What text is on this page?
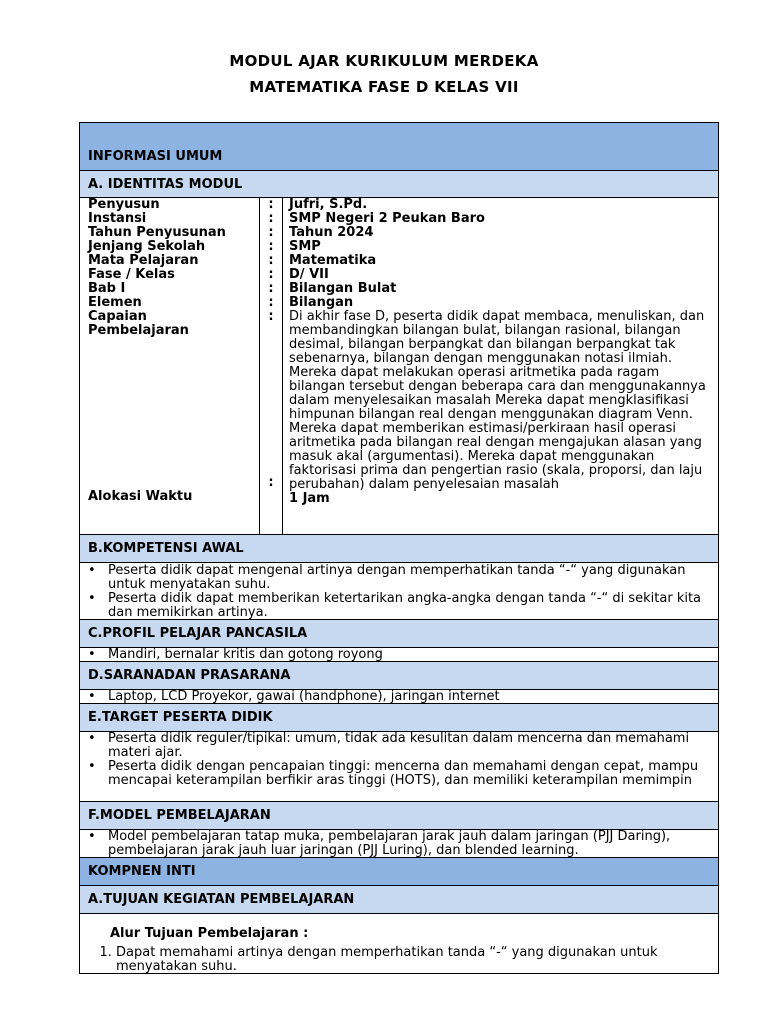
MODUL AJAR KURIKULUM MERDEKA
MATEMATIKA FASE D KELAS VII
INFORMASI UMUM
A. IDENTITAS MODUL
Penyusun
Instansi
Tahun Penyusunan
Jenjang Sekolah
Mata Pelajaran
Fase / Kelas
Bab I
Elemen
Capaian
Pembelajaran
Alokasi Waktu
:
:
:
:
:
:
:
:
:
:
Jufri, S.Pd.
SMP Negeri 2 Peukan Baro
Tahun 2024
SMP
Matematika
D/ VII
Bilangan Bulat
Bilangan
Di akhir fase D, peserta didik dapat membaca, menuliskan, dan membandingkan bilangan bulat, bilangan rasional, bilangan desimal, bilangan berpangkat dan bilangan berpangkat tak sebenarnya, bilangan dengan menggunakan notasi ilmiah. Mereka dapat melakukan operasi aritmetika pada ragam bilangan tersebut dengan beberapa cara dan menggunakannya dalam menyelesaikan masalah Mereka dapat mengklasifikasi himpunan bilangan real dengan menggunakan diagram Venn. Mereka dapat memberikan estimasi/perkiraan hasil operasi aritmetika pada bilangan real dengan mengajukan alasan yang masuk akal (argumentasi). Mereka dapat menggunakan faktorisasi prima dan pengertian rasio (skala, proporsi, dan laju perubahan) dalam penyelesaian masalah
1 Jam
B.KOMPETENSI AWAL
• Peserta didik dapat mengenal artinya dengan memperhatikan tanda “-“ yang digunakan untuk menyatakan suhu.
• Peserta didik dapat memberikan ketertarikan angka-angka dengan tanda “-“ di sekitar kita dan memikirkan artinya.
C.PROFIL PELAJAR PANCASILA
• Mandiri, bernalar kritis dan gotong royong
D.SARANADAN PRASARANA
• Laptop, LCD Proyekor, gawai (handphone), jaringan internet
E.TARGET PESERTA DIDIK
• Peserta didik reguler/tipikal: umum, tidak ada kesulitan dalam mencerna dan memahami materi ajar.
• Peserta didik dengan pencapaian tinggi: mencerna dan memahami dengan cepat, mampu mencapai keterampilan berfikir aras tinggi (HOTS), dan memiliki keterampilan memimpin
F.MODEL PEMBELAJARAN
• Model pembelajaran tatap muka, pembelajaran jarak jauh dalam jaringan (PJJ Daring), pembelajaran jarak jauh luar jaringan (PJJ Luring), dan blended learning.
KOMPNEN INTI
A.TUJUAN KEGIATAN PEMBELAJARAN
Alur Tujuan Pembelajaran :
1. Dapat memahami artinya dengan memperhatikan tanda “-“ yang digunakan untuk menyatakan suhu.
